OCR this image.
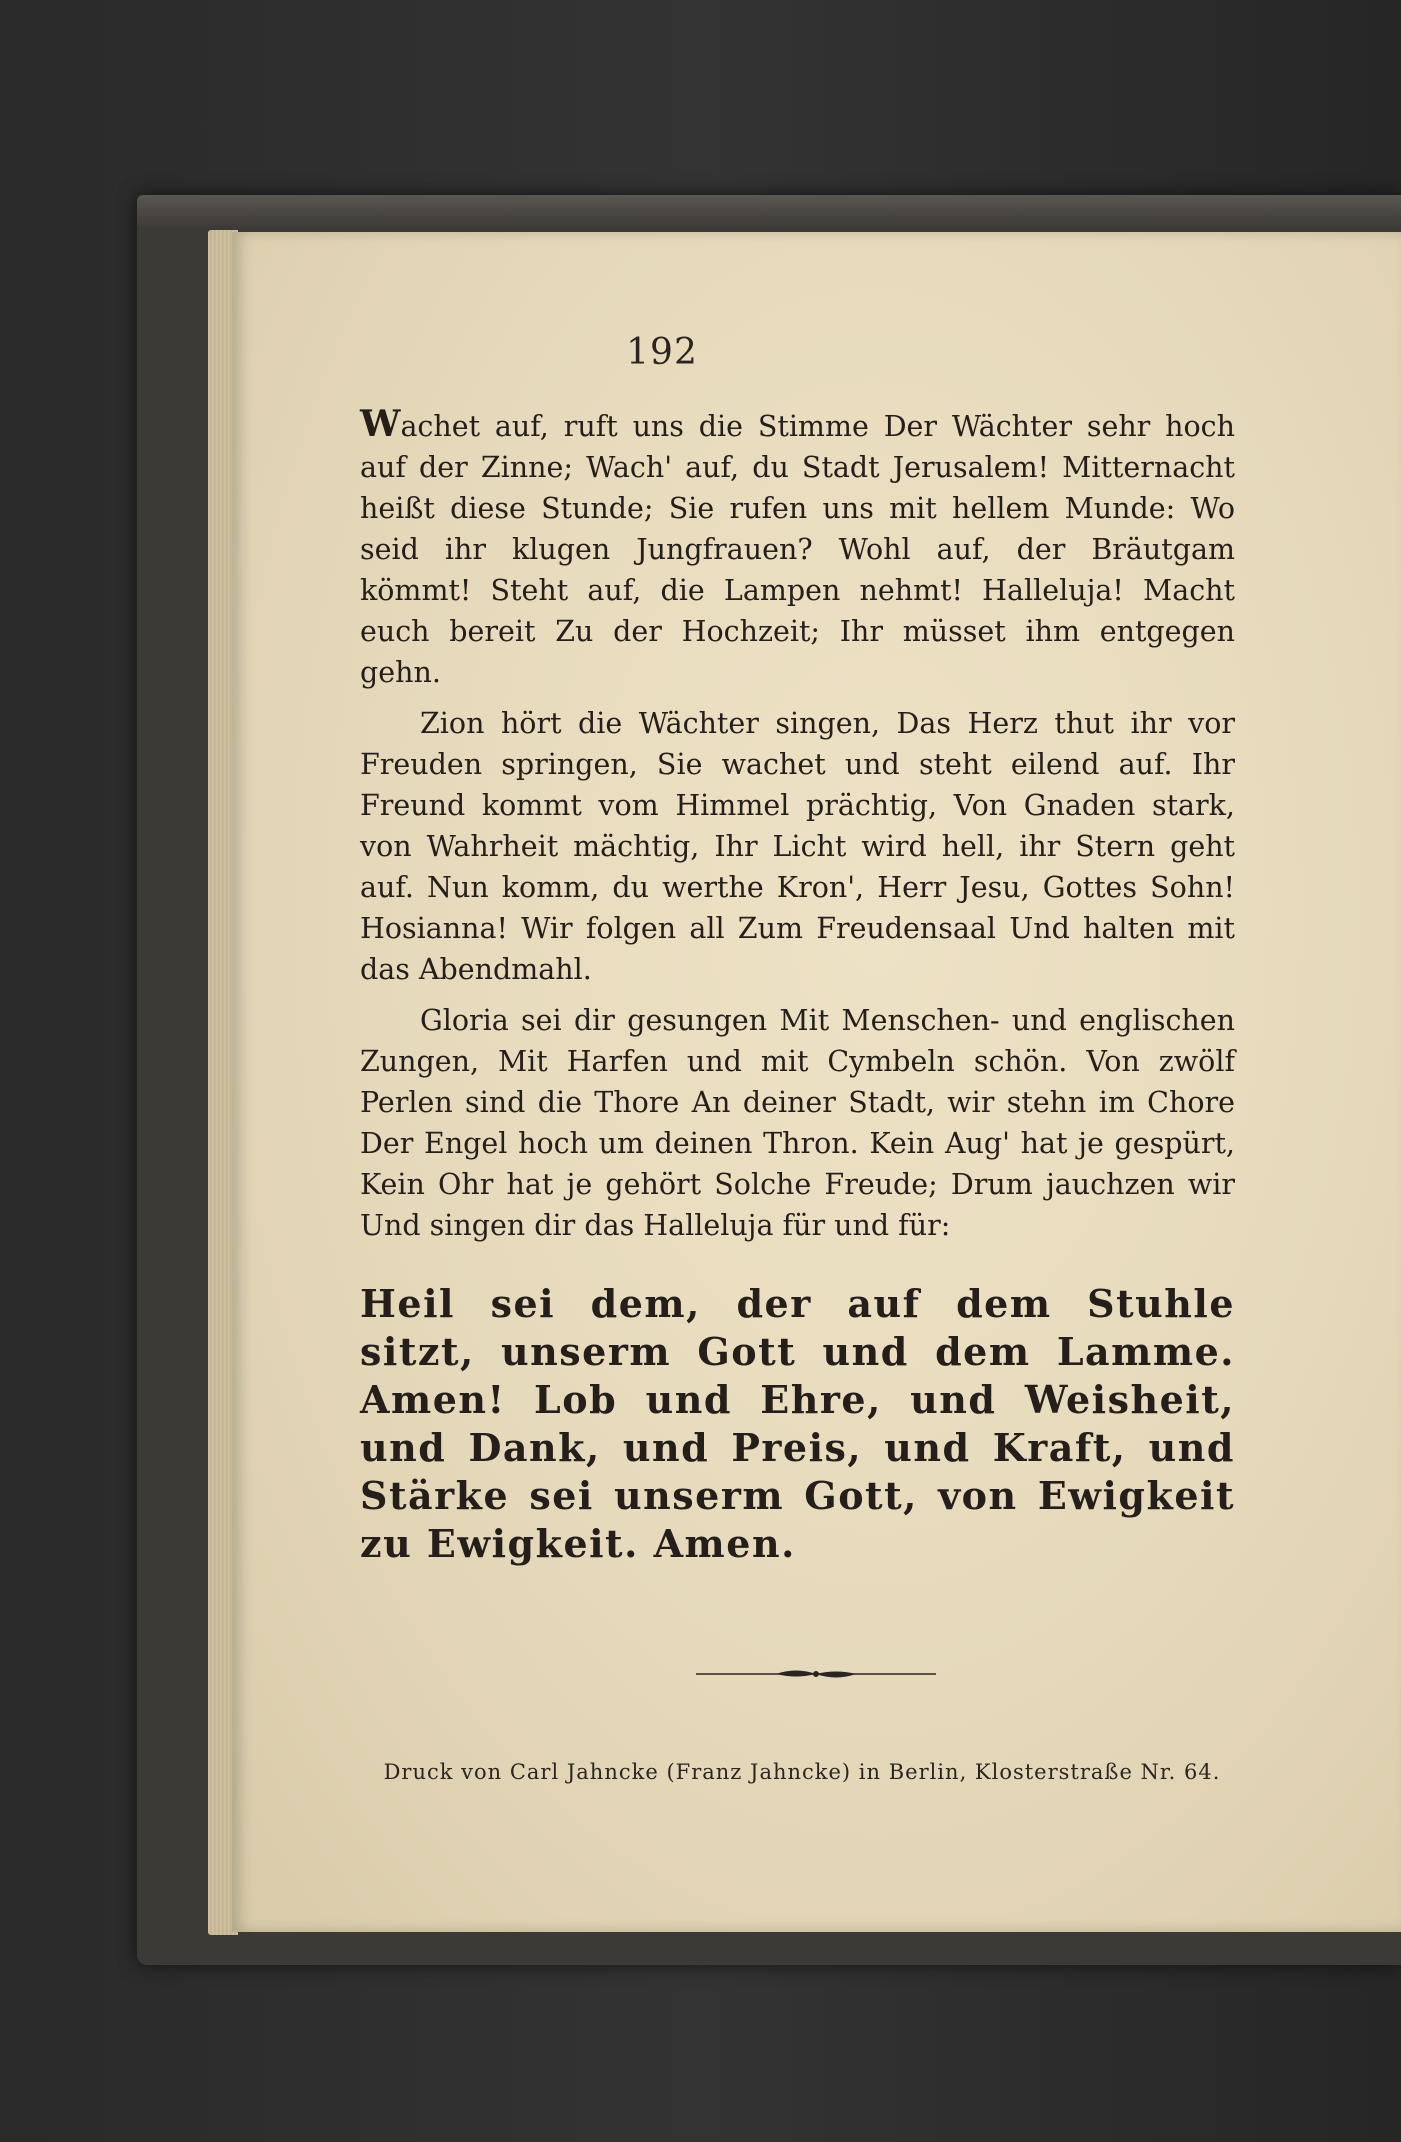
192

Wachet auf, ruft uns die Stimme Der Wächter sehr hoch auf der Zinne; Wach' auf, du Stadt Jerusalem! Mitternacht heißt diese Stunde; Sie rufen uns mit hellem Munde: Wo seid ihr klugen Jungfrauen? Wohl auf, der Bräutgam kömmt! Steht auf, die Lampen nehmt! Halleluja! Macht euch bereit Zu der Hochzeit; Ihr müsset ihm entgegen gehn.

Zion hört die Wächter singen, Das Herz thut ihr vor Freuden springen, Sie wachet und steht eilend auf. Ihr Freund kommt vom Himmel prächtig, Von Gnaden stark, von Wahrheit mächtig, Ihr Licht wird hell, ihr Stern geht auf. Nun komm, du werthe Kron', Herr Jesu, Gottes Sohn! Hosianna! Wir folgen all Zum Freudensaal Und halten mit das Abendmahl.

Gloria sei dir gesungen Mit Menschen- und englischen Zungen, Mit Harfen und mit Cymbeln schön. Von zwölf Perlen sind die Thore An deiner Stadt, wir stehn im Chore Der Engel hoch um deinen Thron. Kein Aug' hat je gespürt, Kein Ohr hat je gehört Solche Freude; Drum jauchzen wir Und singen dir das Halleluja für und für:

Heil sei dem, der auf dem Stuhle sitzt, unserm Gott und dem Lamme. Amen! Lob und Ehre, und Weisheit, und Dank, und Preis, und Kraft, und Stärke sei unserm Gott, von Ewigkeit zu Ewigkeit. Amen.

Druck von Carl Jahncke (Franz Jahncke) in Berlin, Klosterstraße Nr. 64.
